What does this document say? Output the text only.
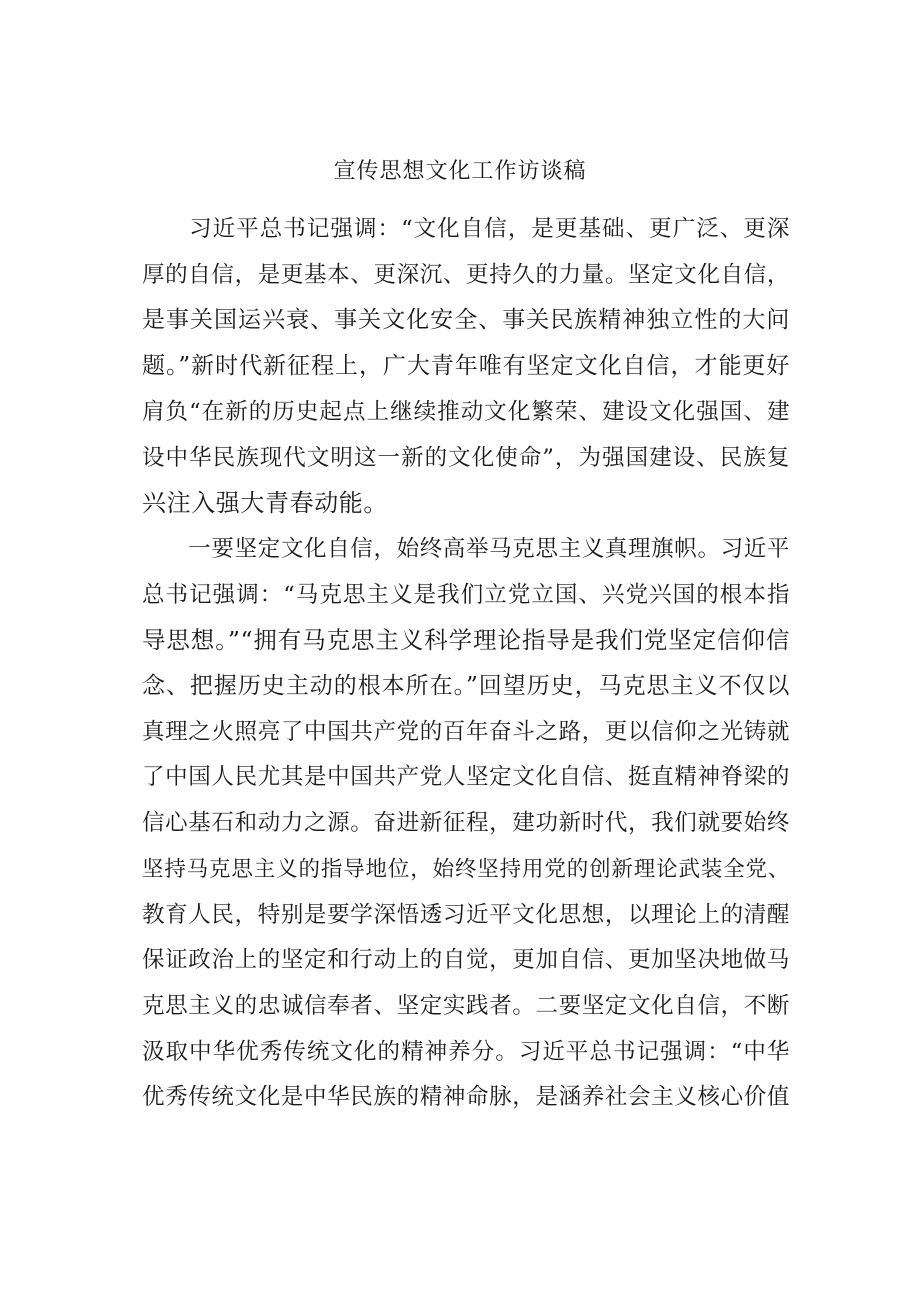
宣传思想文化工作访谈稿

　　习近平总书记强调：“文化自信，是更基础、更广泛、更深
厚的自信，是更基本、更深沉、更持久的力量。坚定文化自信，
是事关国运兴衰、事关文化安全、事关民族精神独立性的大问
题。”新时代新征程上，广大青年唯有坚定文化自信，才能更好
肩负“在新的历史起点上继续推动文化繁荣、建设文化强国、建
设中华民族现代文明这一新的文化使命”，为强国建设、民族复
兴注入强大青春动能。

　　一要坚定文化自信，始终高举马克思主义真理旗帜。习近平
总书记强调：“马克思主义是我们立党立国、兴党兴国的根本指
导思想。”“拥有马克思主义科学理论指导是我们党坚定信仰信
念、把握历史主动的根本所在。”回望历史，马克思主义不仅以
真理之火照亮了中国共产党的百年奋斗之路，更以信仰之光铸就
了中国人民尤其是中国共产党人坚定文化自信、挺直精神脊梁的
信心基石和动力之源。奋进新征程，建功新时代，我们就要始终
坚持马克思主义的指导地位，始终坚持用党的创新理论武装全党、
教育人民，特别是要学深悟透习近平文化思想，以理论上的清醒
保证政治上的坚定和行动上的自觉，更加自信、更加坚决地做马
克思主义的忠诚信奉者、坚定实践者。二要坚定文化自信，不断
汲取中华优秀传统文化的精神养分。习近平总书记强调：“中华
优秀传统文化是中华民族的精神命脉，是涵养社会主义核心价值
